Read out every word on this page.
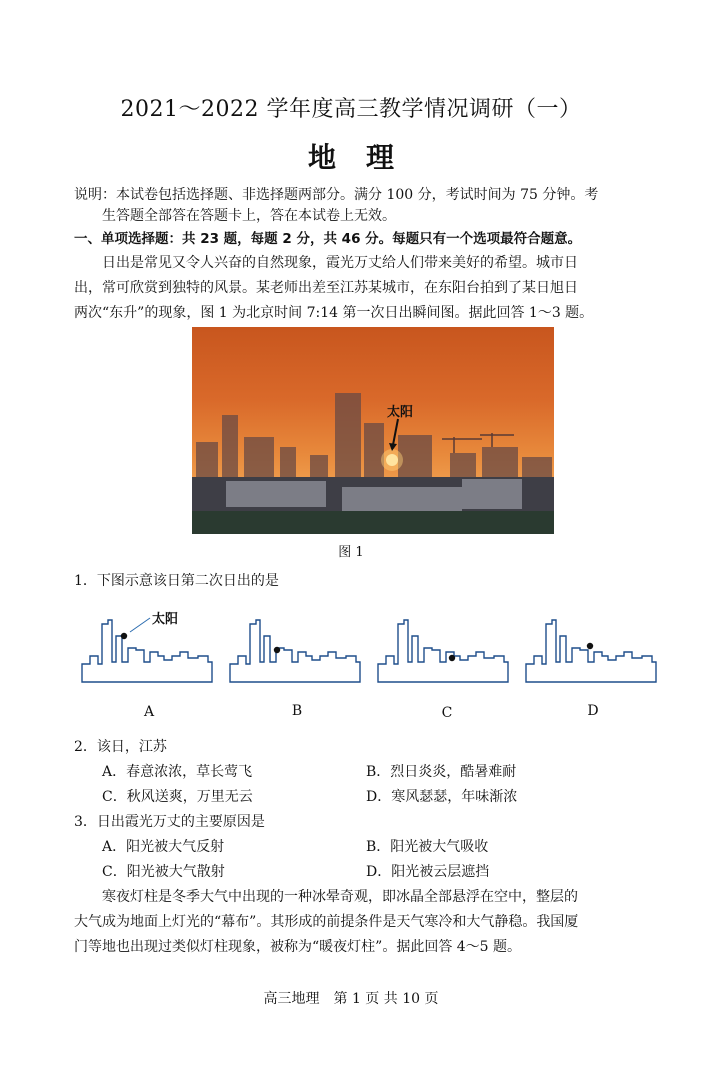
2021～2022 学年度高三教学情况调研（一）
地理
说明：本试卷包括选择题、非选择题两部分。满分 100 分，考试时间为 75 分钟。考
生答题全部答在答题卡上，答在本试卷上无效。
一、单项选择题：共 23 题，每题 2 分，共 46 分。每题只有一个选项最符合题意。
日出是常见又令人兴奋的自然现象，霞光万丈给人们带来美好的希望。城市日
出，常可欣赏到独特的风景。某老师出差至江苏某城市，在东阳台拍到了某日旭日
两次“东升”的现象，图 1 为北京时间 7:14 第一次日出瞬间图。据此回答 1～3 题。
太阳
图 1
1．下图示意该日第二次日出的是
太阳
A	B	C	D
2．该日，江苏
A．春意浓浓，草长莺飞	B．烈日炎炎，酷暑难耐
C．秋风送爽，万里无云	D．寒风瑟瑟，年味渐浓
3．日出霞光万丈的主要原因是
A．阳光被大气反射	B．阳光被大气吸收
C．阳光被大气散射	D．阳光被云层遮挡
寒夜灯柱是冬季大气中出现的一种冰晕奇观，即冰晶全部悬浮在空中，整层的
大气成为地面上灯光的“幕布”。其形成的前提条件是天气寒冷和大气静稳。我国厦
门等地也出现过类似灯柱现象，被称为“暖夜灯柱”。据此回答 4～5 题。
高三地理　第 1 页 共 10 页
